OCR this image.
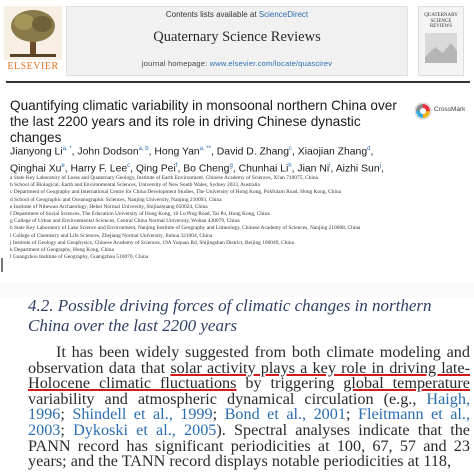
ELSEVIER
Contents lists available at ScienceDirect
Quaternary Science Reviews
journal homepage: www.elsevier.com/locate/quascirev
QUATERNARY SCIENCE REVIEWS
Quantifying climatic variability in monsoonal northern China over the last 2200 years and its role in driving Chinese dynastic changes
CrossMark
Jianyong $Li^{a, *}$, John Dodson$^{a, b}$, Hong Yan$^{a, **}$, David D. Zhang$^c$, Xiaojian Zhang$^d$,
Qinghai Xu$^e$, Harry F. Lee$^c$, Qing Pei$^f$, Bo Cheng$^g$, Chunhai Li$^h$, Jian Ni$^i$, Aizhi Sun$^j$,
a State Key Laboratory of Loess and Quaternary Geology, Institute of Earth Environment, Chinese Academy of Sciences, Xi'an 710075, China
b School of Biological, Earth and Environmental Sciences, University of New South Wales, Sydney 2033, Australia
c Department of Geography and International Centre for China Development Studies, The University of Hong Kong, Pokfulam Road, Hong Kong, China
d School of Geographic and Oceanographic Sciences, Nanjing University, Nanjing 210093, China
e Institute of Nihewan Archaeology, Hebei Normal University, Shijiazhuang 050024, China
f Department of Social Sciences, The Education University of Hong Kong, 10 Lo Ping Road, Tai Po, Hong Kong, China
g College of Urban and Environmental Sciences, Central China Normal University, Wuhan 430079, China
h State Key Laboratory of Lake Science and Environment, Nanjing Institute of Geography and Limnology, Chinese Academy of Sciences, Nanjing 210008, China
i College of Chemistry and Life Sciences, Zhejiang Normal University, Jinhua 321004, China
j Institute of Geology and Geophysics, Chinese Academy of Sciences, 19A Yuquan Rd, Shijingshan District, Beijing 100049, China
k Department of Geography, Hong Kong, China
l Guangzhou Institute of Geography, Guangzhou 510070, China
4.2. Possible driving forces of climatic changes in northern China over the last 2200 years
It has been widely suggested from both climate modeling and observation data that solar activity plays a key role in driving late-Holocene climatic fluctuations by triggering global temperature variability and atmospheric dynamical circulation (e.g., Haigh, 1996; Shindell et al., 1999; Bond et al., 2001; Fleitmann et al., 2003; Dykoski et al., 2005). Spectral analyses indicate that the PANN record has significant periodicities at 100, 67, 57 and 23 years; and the TANN record displays notable periodicities at 118,
